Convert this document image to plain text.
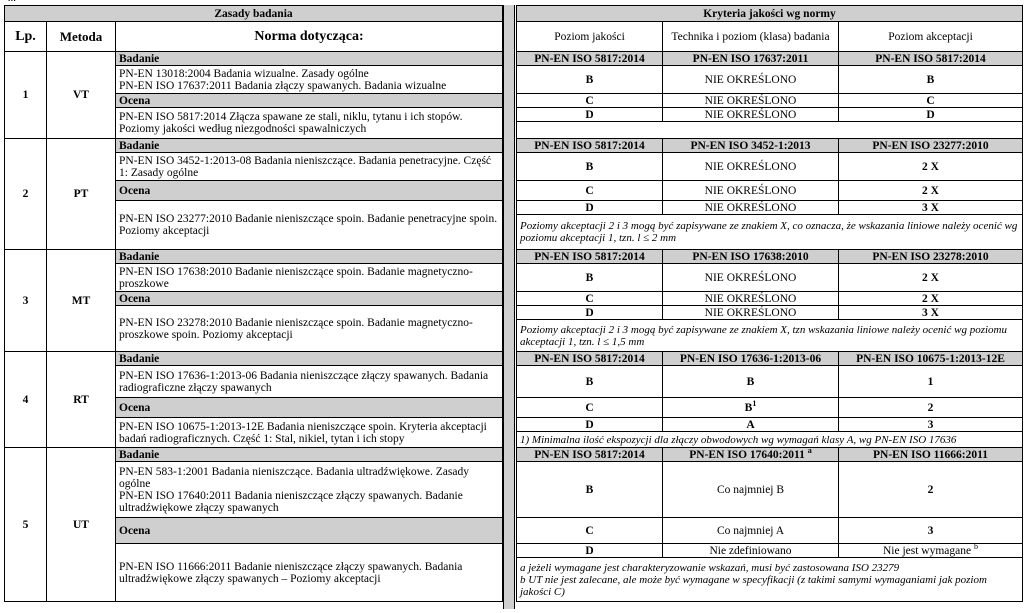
Zasady badania		
Lp.	Metoda	Norma dotycząca:
1	VT	Badanie

		PN-EN 13018:2004 Badania wizualne. Zasady ogólne
PN-EN ISO 17637:2011 Badania złączy spawanych. Badania wizualne

		Ocena
		PN-EN ISO 5817:2014 Złącza spawane ze stali, niklu, tytanu i ich stopów. Poziomy jakości według niezgodności spawalniczych
2	PT	Badanie
		PN-EN ISO 3452-1:2013-08 Badania nieniszczące. Badania penetracyjne. Część 1: Zasady ogólne
		Ocena
		PN-EN ISO 23277:2010 Badanie nieniszczące spoin. Badanie penetracyjne spoin. Poziomy akceptacji
3	MT	Badanie
		PN-EN ISO 17638:2010 Badanie nieniszczące spoin. Badanie magnetyczno-proszkowe
		Ocena
		PN-EN ISO 23278:2010 Badanie nieniszczące spoin. Badanie magnetyczno-proszkowe spoin. Poziomy akceptacji
4	RT	Badanie
		PN-EN ISO 17636-1:2013-06 Badania nieniszczące złączy spawanych. Badania radiograficzne złączy spawanych
		Ocena
		PN-EN ISO 10675-1:2013-12E Badania nieniszczące spoin. Kryteria akceptacji badań radiograficznych. Część 1: Stal, nikiel, tytan i ich stopy
5	UT	Badanie

		PN-EN 583-1:2001 Badania nieniszczące. Badania ultradźwiękowe. Zasady ogólne
PN-EN ISO 17640:2011 Badania nieniszczące złączy spawanych. Badanie ultradźwiękowe złączy spawanych

		Ocena
		PN-EN ISO 11666:2011 Badanie nieniszczące złączy spawanych. Badania ultradźwiękowe złączy spawanych – Poziomy akceptacji
Kryteria jakości wg normy		
Poziom jakości	Technika i poziom (klasa) badania	Poziom akceptacji
PN-EN ISO 5817:2014	PN-EN ISO 17637:2011	PN-EN ISO 5817:2014
B	NIE OKREŚLONO	B
C	NIE OKREŚLONO	C
D	NIE OKREŚLONO	D

PN-EN ISO 5817:2014	PN-EN ISO 3452-1:2013	PN-EN ISO 23277:2010
B	NIE OKREŚLONO	2 X
C	NIE OKREŚLONO	2 X
D	NIE OKREŚLONO	3 X
Poziomy akceptacji 2 i 3 mogą być zapisywane ze znakiem X, co oznacza, że wskazania liniowe należy ocenić wg poziomu akceptacji 1, tzn. l ≤ 2 mm		
PN-EN ISO 5817:2014	PN-EN ISO 17638:2010	PN-EN ISO 23278:2010
B	NIE OKREŚLONO	2 X
C	NIE OKREŚLONO	2 X
D	NIE OKREŚLONO	3 X
Poziomy akceptacji 2 i 3 mogą być zapisywane ze znakiem X, tzn wskazania liniowe należy ocenić wg poziomu akceptacji 1, tzn. l ≤ 1,5 mm		
PN-EN ISO 5817:2014	PN-EN ISO 17636-1:2013-06	PN-EN ISO 10675-1:2013-12E
B	B	1
C	$B^1$	2
D	A	3
1) Minimalna ilość ekspozycji dla złączy obwodowych wg wymagań klasy A, wg PN-EN ISO 17636		
PN-EN ISO 5817:2014	PN-EN ISO 17640:2011 $^a$	PN-EN ISO 11666:2011
B	Co najmniej B	2
C	Co najmniej A	3
D	Nie zdefiniowano	Nie jest wymagane $^b$

a jeżeli wymagane jest charakteryzowanie wskazań, musi być zastosowana ISO 23279
b UT nie jest zalecane, ale może być wymagane w specyfikacji (z takimi samymi wymaganiami jak poziom jakości C)		
